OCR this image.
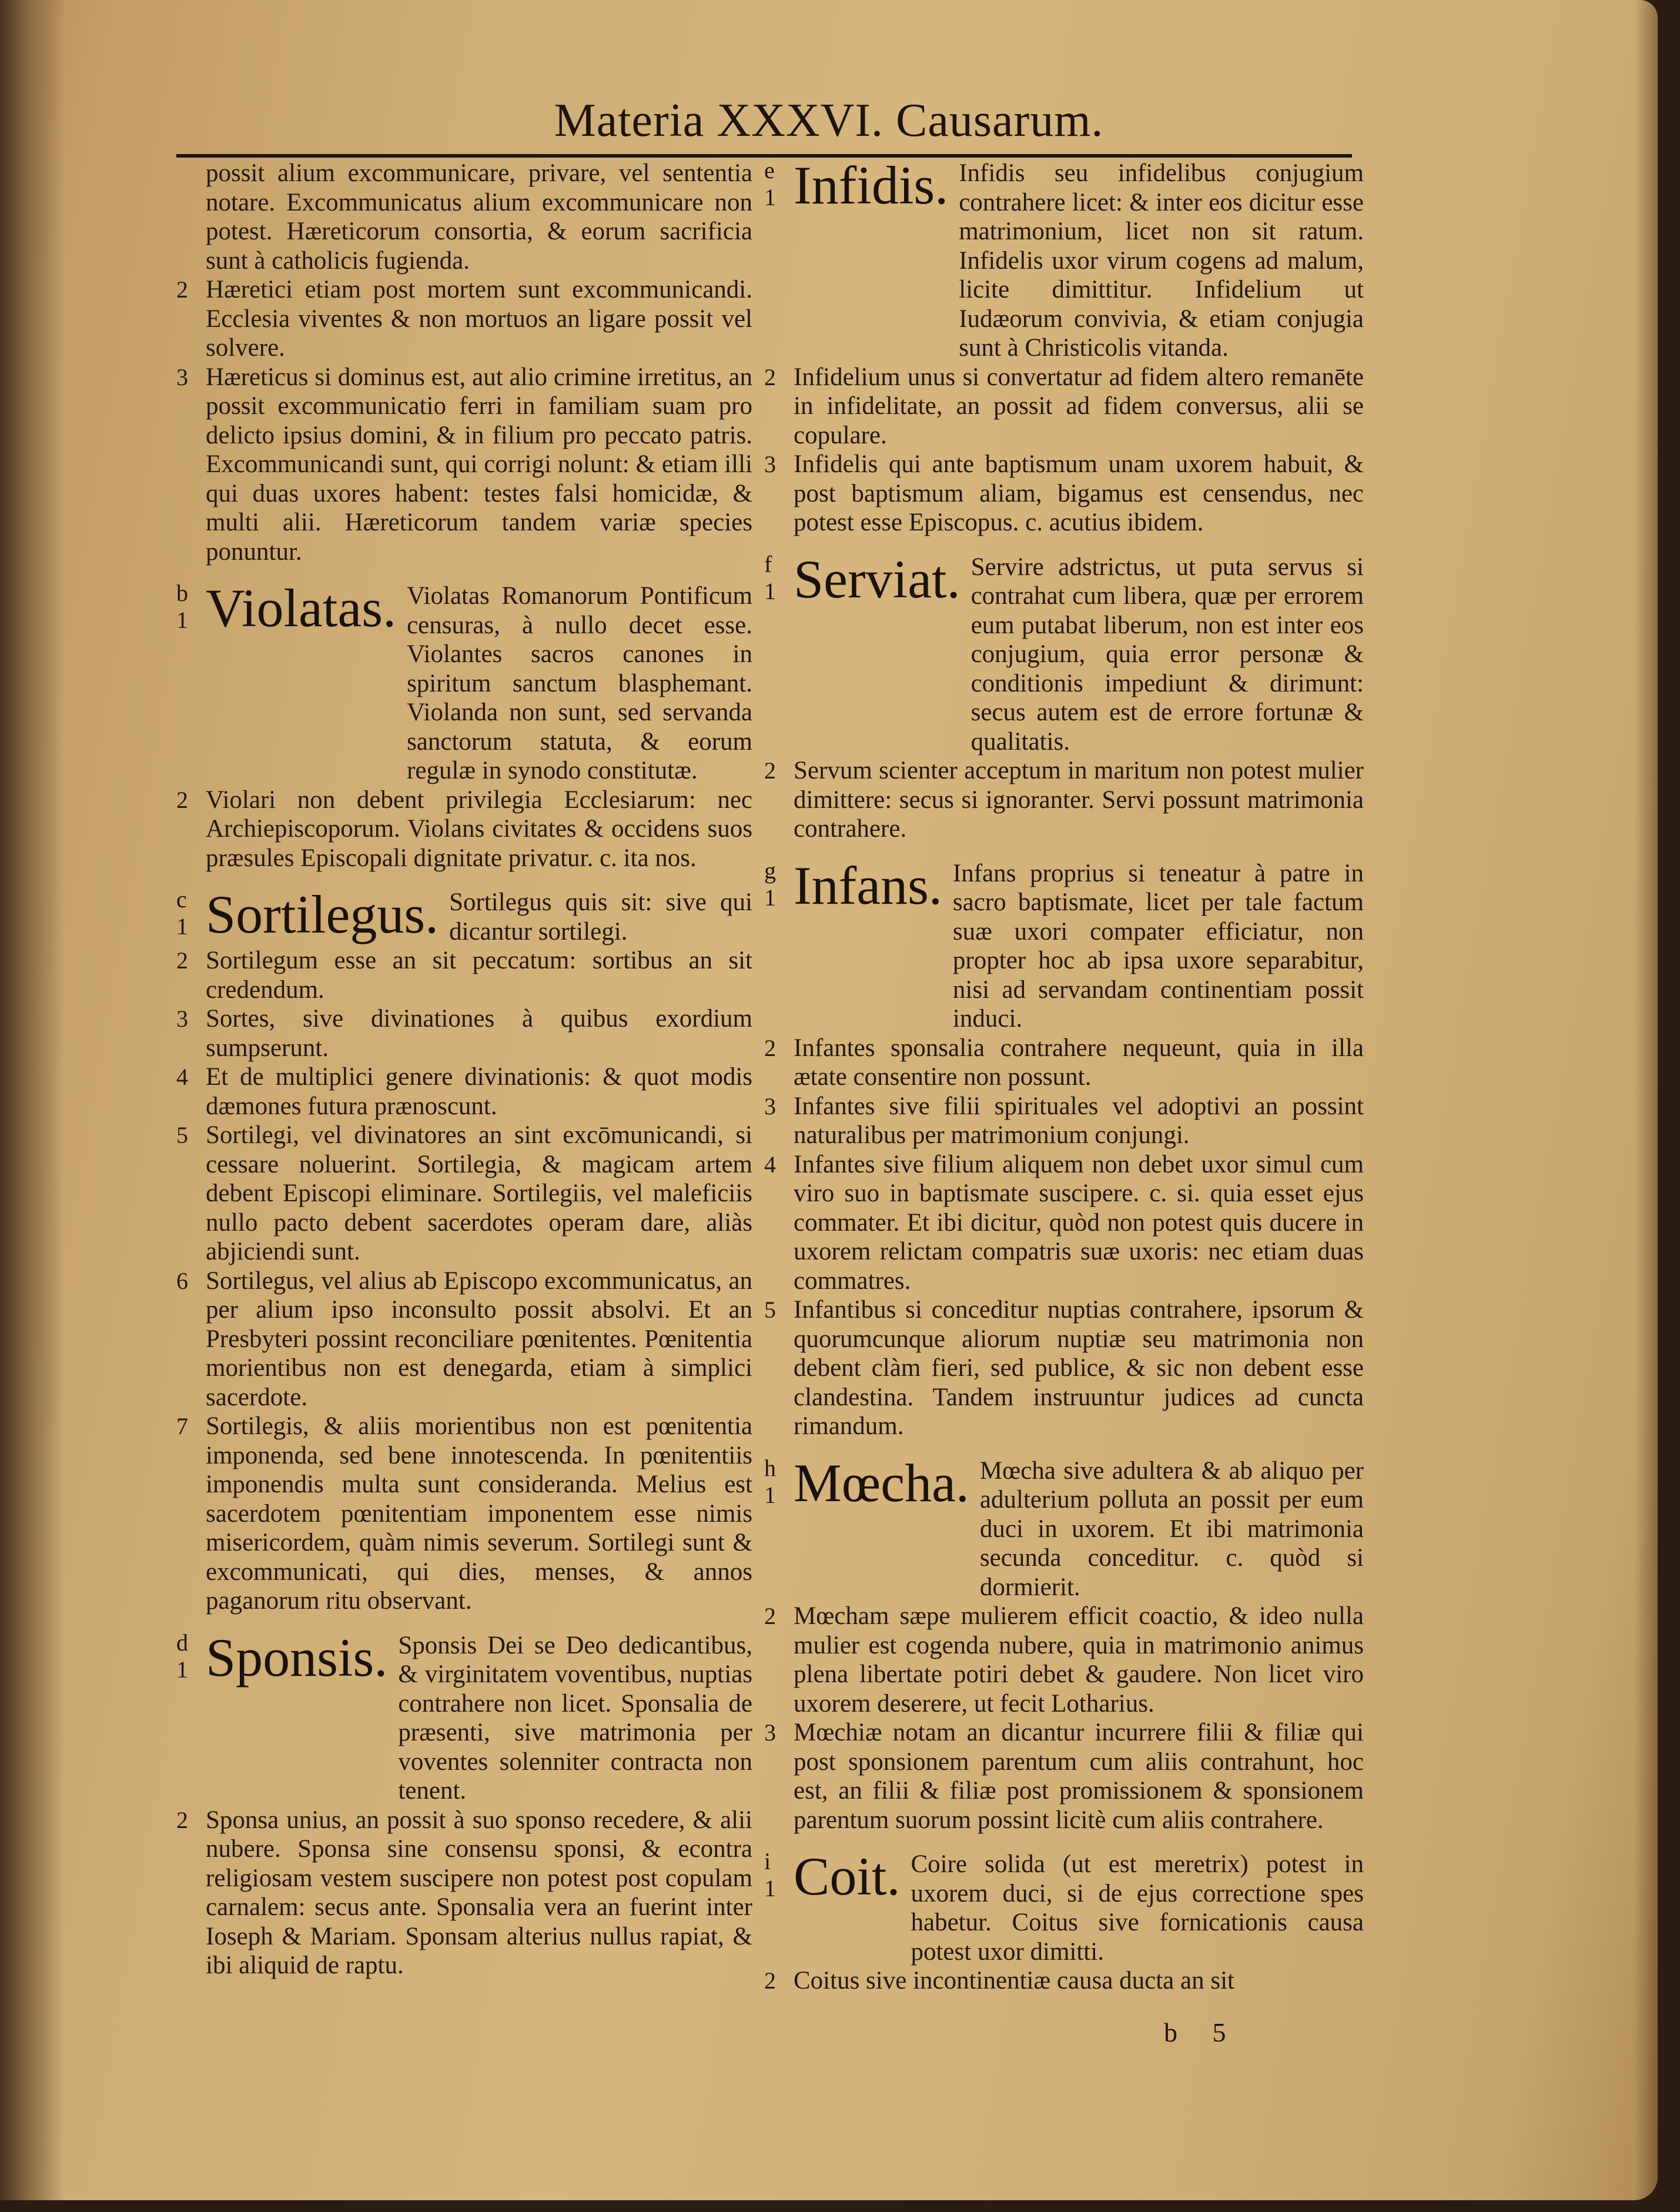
Materia XXXVI. Causarum.
possit alium excommunicare, privare, vel sententia notare. Excommunicatus alium excommunicare non potest. Hæreticorum consortia, & eorum sacrificia sunt à catholicis fugienda.
2 Hæretici etiam post mortem sunt excommunicandi. Ecclesia viventes & non mortuos an ligare possit vel solvere.
3 Hæreticus si dominus est, aut alio crimine irretitus, an possit excommunicatio ferri in familiam suam pro delicto ipsius domini, & in filium pro peccato patris. Excommunicandi sunt, qui corrigi nolunt: & etiam illi qui duas uxores habent: testes falsi homicidæ, & multi alii. Hæreticorum tandem variæ species ponuntur.
b
1 Violatas. Violatas Romanorum Pontificum censuras, à nullo decet esse. Violantes sacros canones in spiritum sanctum blasphemant. Violanda non sunt, sed servanda sanctorum statuta, & eorum regulæ in synodo constitutæ.
2 Violari non debent privilegia Ecclesiarum: nec Archiepiscoporum. Violans civitates & occidens suos præsules Episcopali dignitate privatur. c. ita nos.
c
1 Sortilegus. Sortilegus quis sit: sive qui dicantur sortilegi.
2 Sortilegum esse an sit peccatum: sortibus an sit credendum.
3 Sortes, sive divinationes à quibus exordium sumpserunt.
4 Et de multiplici genere divinationis: & quot modis dæmones futura prænoscunt.
5 Sortilegi, vel divinatores an sint excōmunicandi, si cessare noluerint. Sortilegia, & magicam artem debent Episcopi eliminare. Sortilegiis, vel maleficiis nullo pacto debent sacerdotes operam dare, aliàs abjiciendi sunt.
6 Sortilegus, vel alius ab Episcopo excommunicatus, an per alium ipso inconsulto possit absolvi. Et an Presbyteri possint reconciliare pœnitentes. Pœnitentia morientibus non est denegarda, etiam à simplici sacerdote.
7 Sortilegis, & aliis morientibus non est pœnitentia imponenda, sed bene innotescenda. In pœnitentiis imponendis multa sunt consideranda. Melius est sacerdotem pœnitentiam imponentem esse nimis misericordem, quàm nimis severum. Sortilegi sunt & excommunicati, qui dies, menses, & annos paganorum ritu observant.
d
1 Sponsis. Sponsis Dei se Deo dedicantibus, & virginitatem voventibus, nuptias contrahere non licet. Sponsalia de præsenti, sive matrimonia per voventes solenniter contracta non tenent.
2 Sponsa unius, an possit à suo sponso recedere, & alii nubere. Sponsa sine consensu sponsi, & econtra religiosam vestem suscipere non potest post copulam carnalem: secus ante. Sponsalia vera an fuerint inter Ioseph & Mariam. Sponsam alterius nullus rapiat, & ibi aliquid de raptu.
e
1 Infidis. Infidis seu infidelibus conjugium contrahere licet: & inter eos dicitur esse matrimonium, licet non sit ratum. Infidelis uxor virum cogens ad malum, licite dimittitur. Infidelium ut Iudæorum convivia, & etiam conjugia sunt à Christicolis vitanda.
2 Infidelium unus si convertatur ad fidem altero remanēte in infidelitate, an possit ad fidem conversus, alii se copulare.
3 Infidelis qui ante baptismum unam uxorem habuit, & post baptismum aliam, bigamus est censendus, nec potest esse Episcopus. c. acutius ibidem.
f
1 Serviat. Servire adstrictus, ut puta servus si contrahat cum libera, quæ per errorem eum putabat liberum, non est inter eos conjugium, quia error personæ & conditionis impediunt & dirimunt: secus autem est de errore fortunæ & qualitatis.
2 Servum scienter acceptum in maritum non potest mulier dimittere: secus si ignoranter. Servi possunt matrimonia contrahere.
g
1 Infans. Infans proprius si teneatur à patre in sacro baptismate, licet per tale factum suæ uxori compater efficiatur, non propter hoc ab ipsa uxore separabitur, nisi ad servandam continentiam possit induci.
2 Infantes sponsalia contrahere nequeunt, quia in illa ætate consentire non possunt.
3 Infantes sive filii spirituales vel adoptivi an possint naturalibus per matrimonium conjungi.
4 Infantes sive filium aliquem non debet uxor simul cum viro suo in baptismate suscipere. c. si. quia esset ejus commater. Et ibi dicitur, quòd non potest quis ducere in uxorem relictam compatris suæ uxoris: nec etiam duas commatres.
5 Infantibus si conceditur nuptias contrahere, ipsorum & quorumcunque aliorum nuptiæ seu matrimonia non debent clàm fieri, sed publice, & sic non debent esse clandestina. Tandem instruuntur judices ad cuncta rimandum.
h
1 Mœcha. Mœcha sive adultera & ab aliquo per adulterium polluta an possit per eum duci in uxorem. Et ibi matrimonia secunda conceditur. c. quòd si dormierit.
2 Mœcham sæpe mulierem efficit coactio, & ideo nulla mulier est cogenda nubere, quia in matrimonio animus plena libertate potiri debet & gaudere. Non licet viro uxorem deserere, ut fecit Lotharius.
3 Mœchiæ notam an dicantur incurrere filii & filiæ qui post sponsionem parentum cum aliis contrahunt, hoc est, an filii & filiæ post promissionem & sponsionem parentum suorum possint licitè cum aliis contrahere.
i
1 Coit. Coire solida (ut est meretrix) potest in uxorem duci, si de ejus correctione spes habetur. Coitus sive fornicationis causa potest uxor dimitti.
2 Coitus sive incontinentiæ causa ducta an sit
b 5
